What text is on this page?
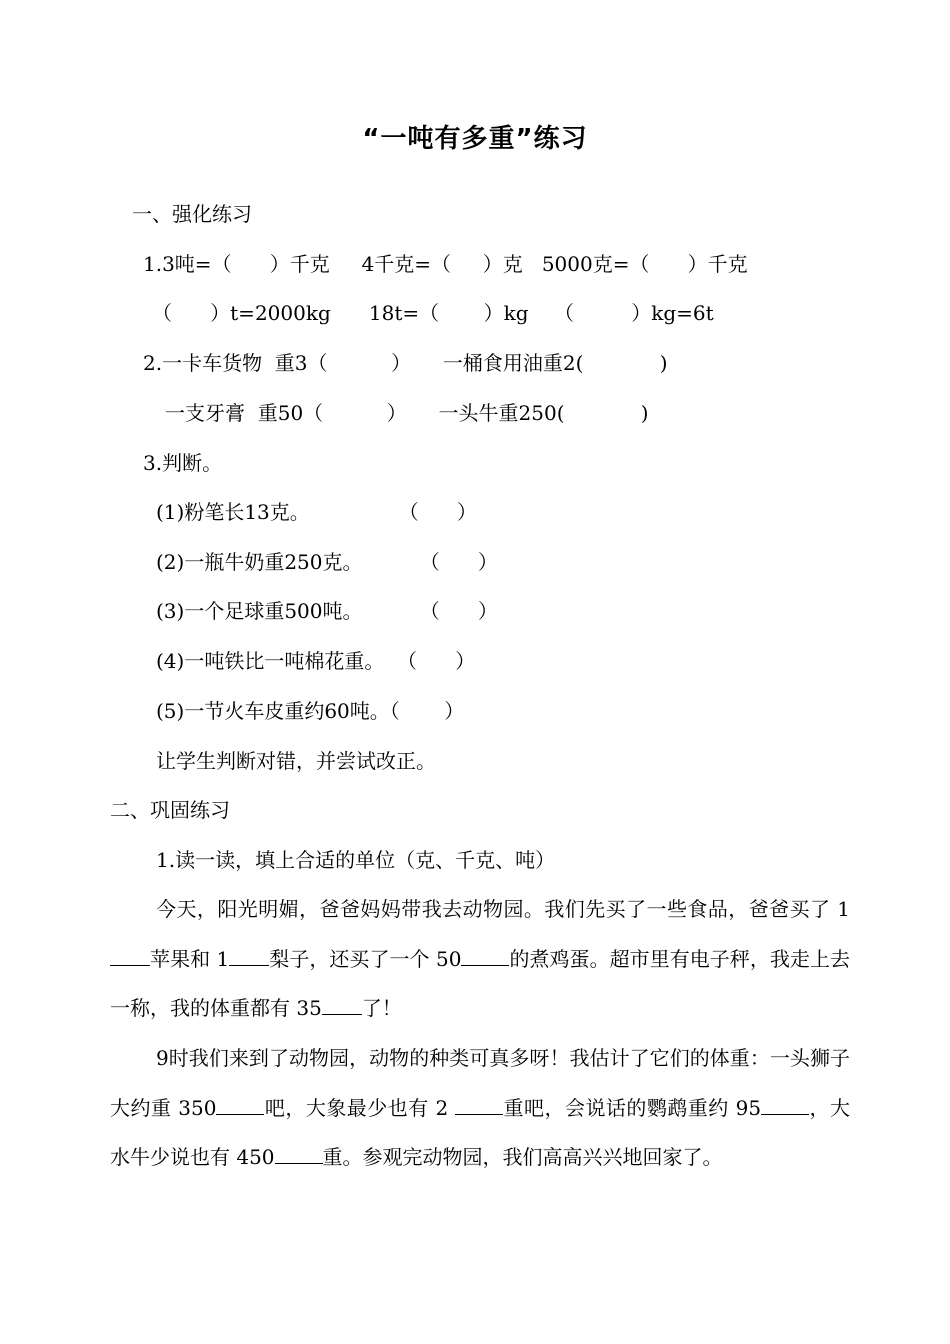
“一吨有多重”练习
一、强化练习
1.3吨=（      ）千克     4千克=（     ）克   5000克=（      ）千克
（      ）t=2000kg      18t=（       ）kg    （         ）kg=6t
2.一卡车货物  重3（          ）     一桶食用油重2(            )
一支牙膏  重50（          ）     一头牛重250(            )
3.判断。
(1)粉笔长13克。              （      ）
(2)一瓶牛奶重250克。         （      ）
(3)一个足球重500吨。         （      ）
(4)一吨铁比一吨棉花重。  （      ）
(5)一节火车皮重约60吨。（       ）
让学生判断对错，并尝试改正。
二、巩固练习
1.读一读，填上合适的单位（克、千克、吨）
今天，阳光明媚，爸爸妈妈带我去动物园。我们先买了一些食品，爸爸买了 1苹果和 1 梨子，还买了一个 50 的煮鸡蛋。超市里有电子秤，我走上去一称，我的体重都有 35 了！
9时我们来到了动物园，动物的种类可真多呀！我估计了它们的体重：一头狮子大约重 350 吧，大象最少也有 2 重吧，会说话的鹦鹉重约 95 ，大水牛少说也有 450 重。参观完动物园，我们高高兴兴地回家了。
